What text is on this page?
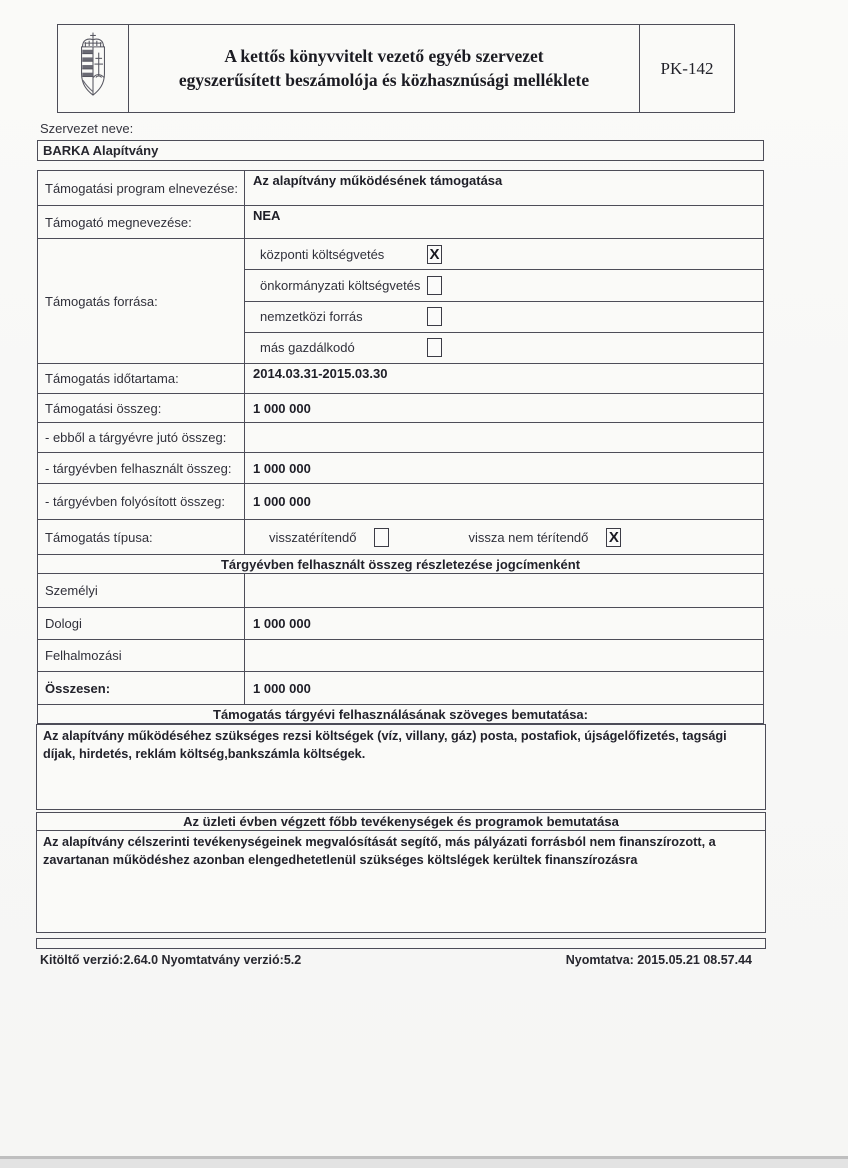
A kettős könyvvitelt vezető egyéb szervezet
egyszerűsített beszámolója és közhasznúsági melléklete
PK-142
Szervezet neve:
BARKA Alapítvány
Támogatási program elnevezése:	Az alapítvány működésének támogatása
Támogató megnevezése:	NEA
Támogatás forrása:
központi költségvetés	X
önkormányzati költségvetés
nemzetközi forrás
más gazdálkodó
Támogatás időtartama:	2014.03.31-2015.03.30
Támogatási összeg:	1 000 000
- ebből a tárgyévre jutó összeg:
- tárgyévben felhasznált összeg:	1 000 000
- tárgyévben folyósított összeg:	1 000 000
Támogatás típusa:	visszatérítendő	vissza nem térítendő X
Tárgyévben felhasznált összeg részletezése jogcímenként
Személyi
Dologi	1 000 000
Felhalmozási
Összesen:	1 000 000
Támogatás tárgyévi felhasználásának szöveges bemutatása:
Az alapítvány működéséhez szükséges rezsi költségek (víz, villany, gáz) posta, postafiok, újságelőfizetés, tagsági díjak, hirdetés, reklám költség,bankszámla költségek.
Az üzleti évben végzett főbb tevékenységek és programok bemutatása
Az alapítvány célszerinti tevékenységeinek megvalósítását segítő, más pályázati forrásból nem finanszírozott, a zavartanan működéshez azonban elengedhetetlenül szükséges költslégek kerültek finanszírozásra
Kitöltő verzió:2.64.0 Nyomtatvány verzió:5.2	Nyomtatva: 2015.05.21 08.57.44
